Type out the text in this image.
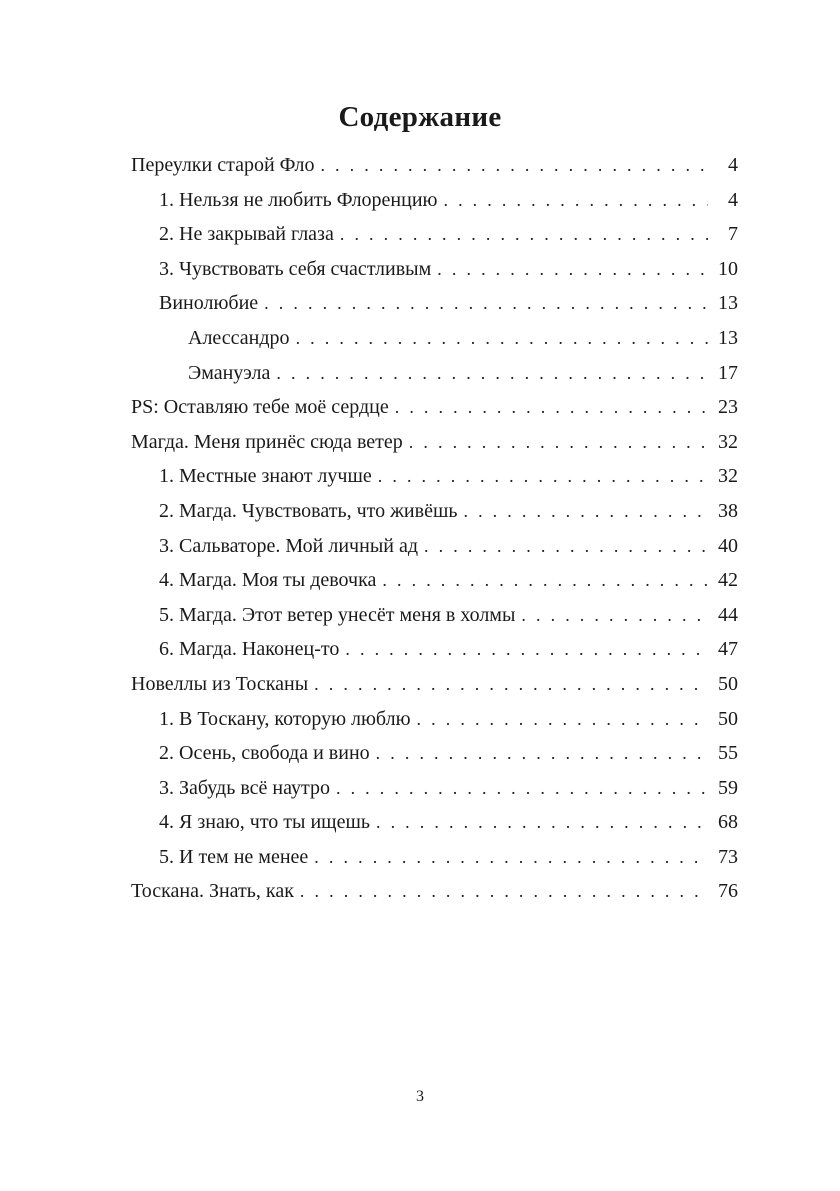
Содержание
Переулки старой Фло . . .	4
1. Нельзя не любить Флоренцию . . .	4
2. Не закрывай глаза . . .	7
3. Чувствовать себя счастливым . . .	10
Винолюбие . . .	13
Алессандро . . .	13
Эмануэла . . .	17
PS: Оставляю тебе моё сердце . . .	23
Магда. Меня принёс сюда ветер . . .	32
1. Местные знают лучше . . .	32
2. Магда. Чувствовать, что живёшь . . .	38
3. Сальваторе. Мой личный ад . . .	40
4. Магда. Моя ты девочка . . .	42
5. Магда. Этот ветер унесёт меня в холмы . . .	44
6. Магда. Наконец-то . . .	47
Новеллы из Тосканы . . .	50
1. В Тоскану, которую люблю . . .	50
2. Осень, свобода и вино . . .	55
3. Забудь всё наутро . . .	59
4. Я знаю, что ты ищешь . . .	68
5. И тем не менее . . .	73
Тоскана. Знать, как . . .	76
3
